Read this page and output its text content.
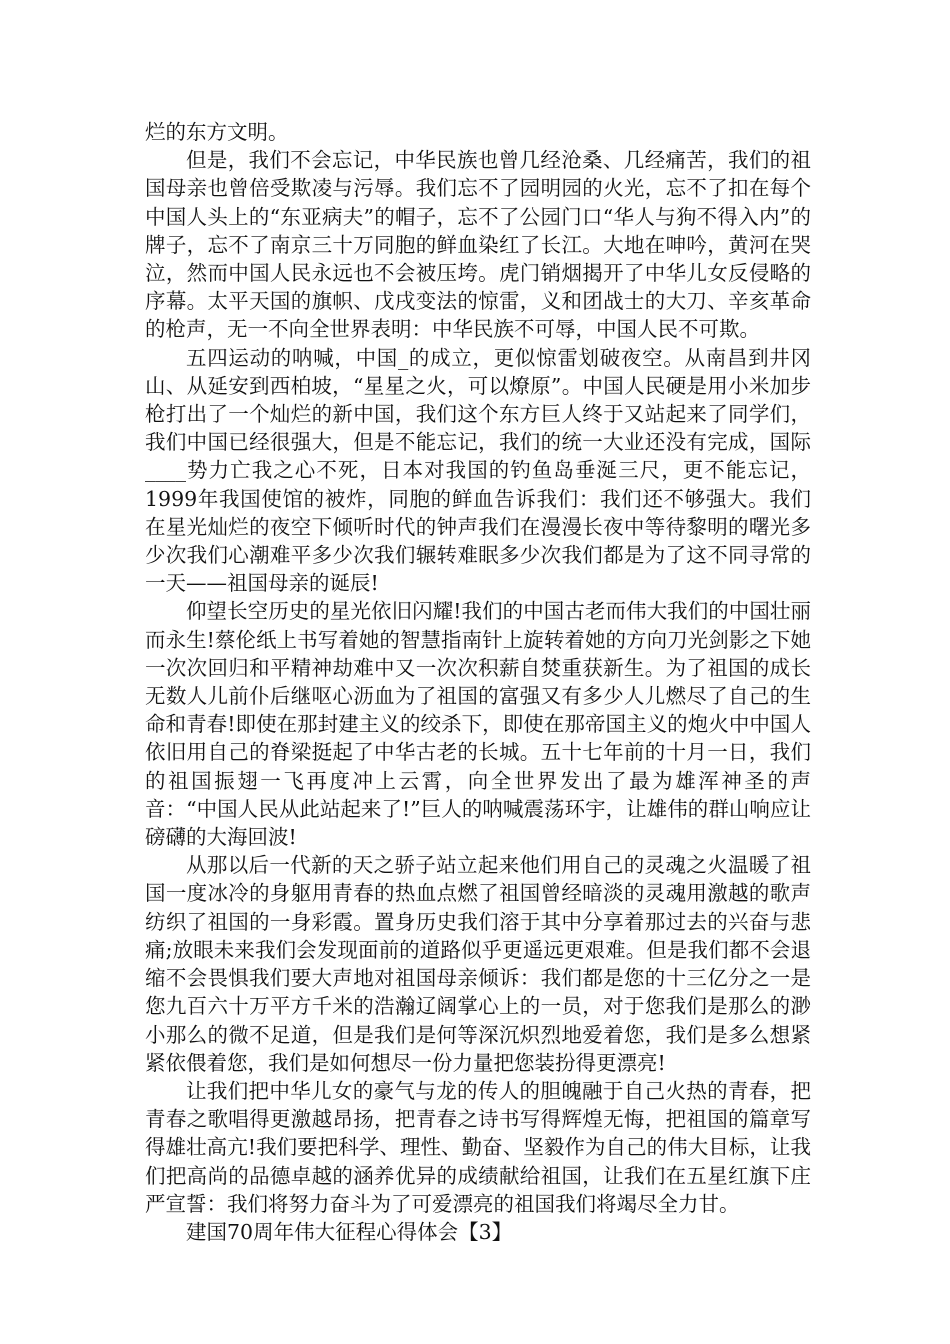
烂的东方文明。

但是，我们不会忘记，中华民族也曾几经沧桑、几经痛苦，我们的祖国母亲也曾倍受欺凌与污辱。我们忘不了园明园的火光，忘不了扣在每个中国人头上的“东亚病夫”的帽子，忘不了公园门口“华人与狗不得入内”的牌子，忘不了南京三十万同胞的鲜血染红了长江。大地在呻吟，黄河在哭泣，然而中国人民永远也不会被压垮。虎门销烟揭开了中华儿女反侵略的序幕。太平天国的旗帜、戊戌变法的惊雷，义和团战士的大刀、辛亥革命的枪声，无一不向全世界表明：中华民族不可辱，中国人民不可欺。

五四运动的呐喊，中国_的成立，更似惊雷划破夜空。从南昌到井冈山、从延安到西柏坡，“星星之火，可以燎原”。中国人民硬是用小米加步枪打出了一个灿烂的新中国，我们这个东方巨人终于又站起来了同学们，我们中国已经很强大，但是不能忘记，我们的统一大业还没有完成，国际____势力亡我之心不死，日本对我国的钓鱼岛垂涎三尺，更不能忘记，1999年我国使馆的被炸，同胞的鲜血告诉我们：我们还不够强大。我们在星光灿烂的夜空下倾听时代的钟声我们在漫漫长夜中等待黎明的曙光多少次我们心潮难平多少次我们辗转难眠多少次我们都是为了这不同寻常的一天——祖国母亲的诞辰!

仰望长空历史的星光依旧闪耀!我们的中国古老而伟大我们的中国壮丽而永生!蔡伦纸上书写着她的智慧指南针上旋转着她的方向刀光剑影之下她一次次回归和平精神劫难中又一次次积薪自焚重获新生。为了祖国的成长无数人儿前仆后继呕心沥血为了祖国的富强又有多少人儿燃尽了自己的生命和青春!即使在那封建主义的绞杀下，即使在那帝国主义的炮火中中国人依旧用自己的脊梁挺起了中华古老的长城。五十七年前的十月一日，我们的祖国振翅一飞再度冲上云霄，向全世界发出了最为雄浑神圣的声音：“中国人民从此站起来了!”巨人的呐喊震荡环宇，让雄伟的群山响应让磅礴的大海回波!

从那以后一代新的天之骄子站立起来他们用自己的灵魂之火温暖了祖国一度冰冷的身躯用青春的热血点燃了祖国曾经暗淡的灵魂用激越的歌声纺织了祖国的一身彩霞。置身历史我们溶于其中分享着那过去的兴奋与悲痛;放眼未来我们会发现面前的道路似乎更遥远更艰难。但是我们都不会退缩不会畏惧我们要大声地对祖国母亲倾诉：我们都是您的十三亿分之一是您九百六十万平方千米的浩瀚辽阔掌心上的一员，对于您我们是那么的渺小那么的微不足道，但是我们是何等深沉炽烈地爱着您，我们是多么想紧紧依偎着您，我们是如何想尽一份力量把您装扮得更漂亮!

让我们把中华儿女的豪气与龙的传人的胆魄融于自己火热的青春，把青春之歌唱得更激越昂扬，把青春之诗书写得辉煌无悔，把祖国的篇章写得雄壮高亢!我们要把科学、理性、勤奋、坚毅作为自己的伟大目标，让我们把高尚的品德卓越的涵养优异的成绩献给祖国，让我们在五星红旗下庄严宣誓：我们将努力奋斗为了可爱漂亮的祖国我们将竭尽全力甘。

建国70周年伟大征程心得体会【3】
